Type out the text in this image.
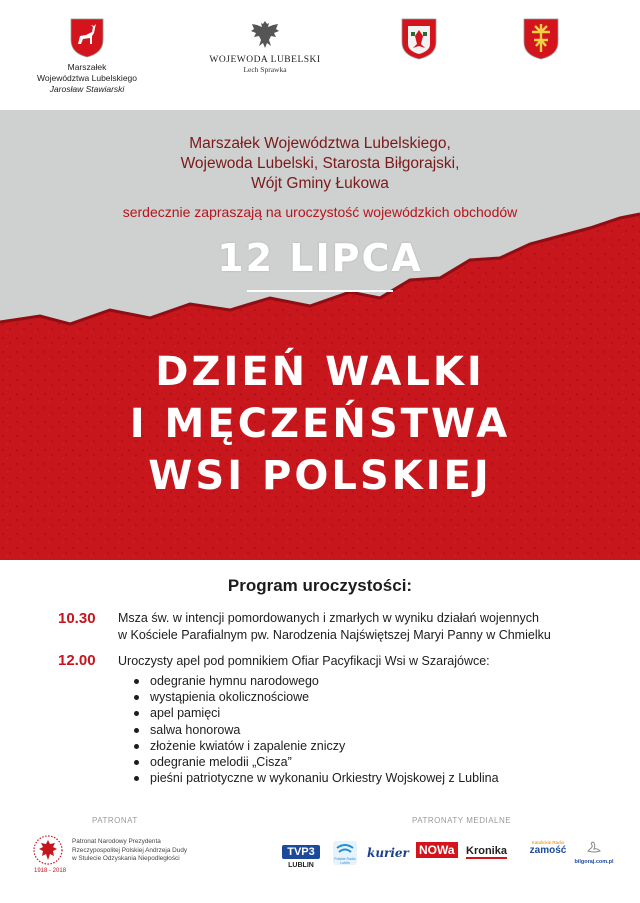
Marszałek
Województwa Lubelskiego
Jarosław Stawiarski
WOJEWODA LUBELSKI
Lech Sprawka
Marszałek Województwa Lubelskiego,
Wojewoda Lubelski, Starosta Biłgorajski,
Wójt Gminy Łukowa
serdecznie zapraszają na uroczystość wojewódzkich obchodów
12 LIPCA
DZIEŃ WALKI
I MĘCZEŃSTWA
WSI POLSKIEJ
Program uroczystości:
10.30 Msza św. w intencji pomordowanych i zmarłych w wyniku działań wojennych
w Kościele Parafialnym pw. Narodzenia Najświętszej Maryi Panny w Chmielku
12.00 Uroczysty apel pod pomnikiem Ofiar Pacyfikacji Wsi w Szarajówce:
odegranie hymnu narodowego
wystąpienia okolicznościowe
apel pamięci
salwa honorowa
złożenie kwiatów i zapalenie zniczy
odegranie melodii „Cisza”
pieśni patriotyczne w wykonaniu Orkiestry Wojskowej z Lublina
PATRONAT	PATRONATY MEDIALNE
1918 - 2018
Patronat Narodowy Prezydenta
Rzeczypospolitej Polskiej Andrzeja Dudy
w Stulecie Odzyskania Niepodległości
TVP3
LUBLIN
Polskie Radio Lublin
kurier NOWa Kronika
Katolickie Radio
zamość
bilgoraj.com.pl
